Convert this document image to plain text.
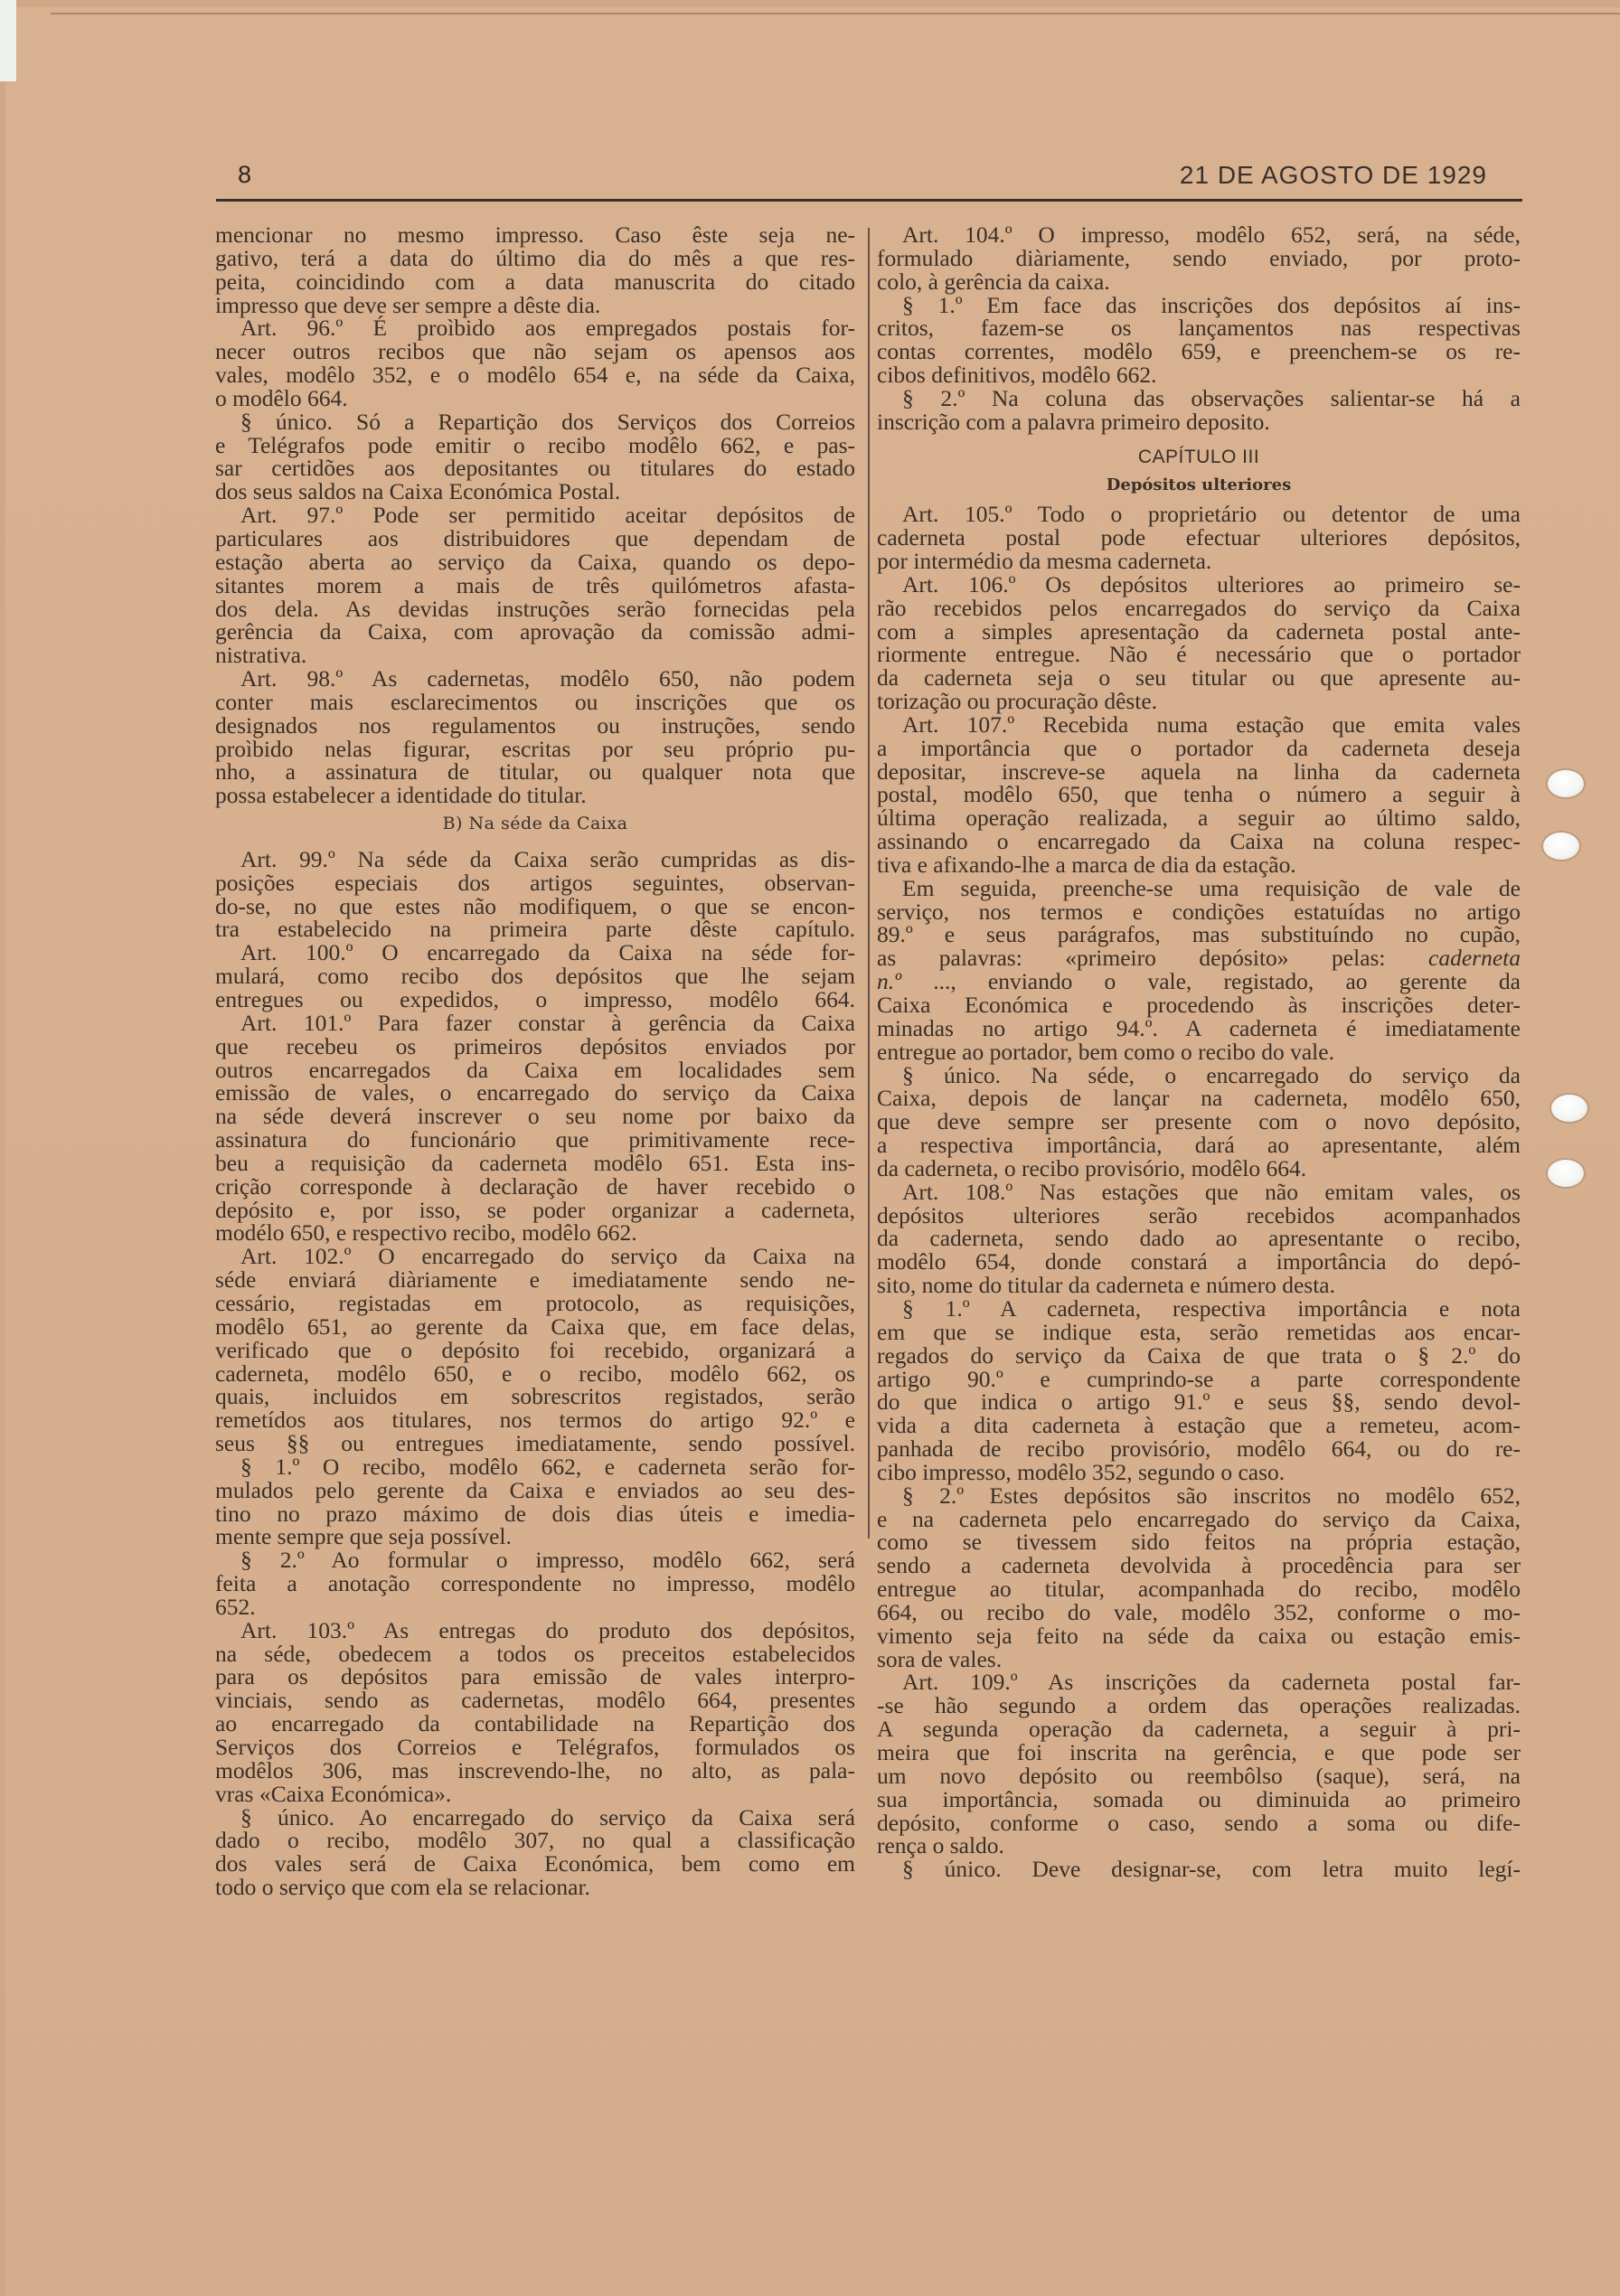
8	21 DE AGOSTO DE 1929
mencionar no mesmo impresso. Caso êste seja ne-
gativo, terá a data do último dia do mês a que res-
peita, coincidindo com a data manuscrita do citado
impresso que deve ser sempre a dêste dia.
Art. 96.º É proìbido aos empregados postais for-
necer outros recibos que não sejam os apensos aos
vales, modêlo 352, e o modêlo 654 e, na séde da Caixa,
o modêlo 664.
§ único. Só a Repartição dos Serviços dos Correios
e Telégrafos pode emitir o recibo modêlo 662, e pas-
sar certidões aos depositantes ou titulares do estado
dos seus saldos na Caixa Económica Postal.
Art. 97.º Pode ser permitido aceitar depósitos de
particulares aos distribuidores que dependam de
estação aberta ao serviço da Caixa, quando os depo-
sitantes morem a mais de três quilómetros afasta-
dos dela. As devidas instruções serão fornecidas pela
gerência da Caixa, com aprovação da comissão admi-
nistrativa.
Art. 98.º As cadernetas, modêlo 650, não podem
conter mais esclarecimentos ou inscrições que os
designados nos regulamentos ou instruções, sendo
proìbido nelas figurar, escritas por seu próprio pu-
nho, a assinatura de titular, ou qualquer nota que
possa estabelecer a identidade do titular.
B) Na séde da Caixa
Art. 99.º Na séde da Caixa serão cumpridas as dis-
posições especiais dos artigos seguintes, observan-
do-se, no que estes não modifiquem, o que se encon-
tra estabelecido na primeira parte dêste capítulo.
Art. 100.º O encarregado da Caixa na séde for-
mulará, como recibo dos depósitos que lhe sejam
entregues ou expedidos, o impresso, modêlo 664.
Art. 101.º Para fazer constar à gerência da Caixa
que recebeu os primeiros depósitos enviados por
outros encarregados da Caixa em localidades sem
emissão de vales, o encarregado do serviço da Caixa
na séde deverá inscrever o seu nome por baixo da
assinatura do funcionário que primitivamente rece-
beu a requisição da caderneta modêlo 651. Esta ins-
crição corresponde à declaração de haver recebido o
depósito e, por isso, se poder organizar a caderneta,
modélo 650, e respectivo recibo, modêlo 662.
Art. 102.º O encarregado do serviço da Caixa na
séde enviará diàriamente e imediatamente sendo ne-
cessário, registadas em protocolo, as requisições,
modêlo 651, ao gerente da Caixa que, em face delas,
verificado que o depósito foi recebido, organizará a
caderneta, modêlo 650, e o recibo, modêlo 662, os
quais, incluidos em sobrescritos registados, serão
remetídos aos titulares, nos termos do artigo 92.º e
seus §§ ou entregues imediatamente, sendo possível.
§ 1.º O recibo, modêlo 662, e caderneta serão for-
mulados pelo gerente da Caixa e enviados ao seu des-
tino no prazo máximo de dois dias úteis e imedia-
mente sempre que seja possível.
§ 2.º Ao formular o impresso, modêlo 662, será
feita a anotação correspondente no impresso, modêlo
652.
Art. 103.º As entregas do produto dos depósitos,
na séde, obedecem a todos os preceitos estabelecidos
para os depósitos para emissão de vales interpro-
vinciais, sendo as cadernetas, modêlo 664, presentes
ao encarregado da contabilidade na Repartição dos
Serviços dos Correios e Telégrafos, formulados os
modêlos 306, mas inscrevendo-lhe, no alto, as pala-
vras «Caixa Económica».
§ único. Ao encarregado do serviço da Caixa será
dado o recibo, modêlo 307, no qual a classificação
dos vales será de Caixa Económica, bem como em
todo o serviço que com ela se relacionar.
Art. 104.º O impresso, modêlo 652, será, na séde,
formulado diàriamente, sendo enviado, por proto-
colo, à gerência da caixa.
§ 1.º Em face das inscrições dos depósitos aí ins-
critos, fazem-se os lançamentos nas respectivas
contas correntes, modêlo 659, e preenchem-se os re-
cibos definitivos, modêlo 662.
§ 2.º Na coluna das observações salientar-se há a
inscrição com a palavra primeiro deposito.
CAPÍTULO III
Depósitos ulteriores
Art. 105.º Todo o proprietário ou detentor de uma
caderneta postal pode efectuar ulteriores depósitos,
por intermédio da mesma caderneta.
Art. 106.º Os depósitos ulteriores ao primeiro se-
rão recebidos pelos encarregados do serviço da Caixa
com a simples apresentação da caderneta postal ante-
riormente entregue. Não é necessário que o portador
da caderneta seja o seu titular ou que apresente au-
torização ou procuração dêste.
Art. 107.º Recebida numa estação que emita vales
a importância que o portador da caderneta deseja
depositar, inscreve-se aquela na linha da caderneta
postal, modêlo 650, que tenha o número a seguir à
última operação realizada, a seguir ao último saldo,
assinando o encarregado da Caixa na coluna respec-
tiva e afixando-lhe a marca de dia da estação.
Em seguida, preenche-se uma requisição de vale de
serviço, nos termos e condições estatuídas no artigo
89.º e seus parágrafos, mas substituíndo no cupão,
as palavras: «primeiro depósito» pelas: caderneta
n.º ..., enviando o vale, registado, ao gerente da
Caixa Económica e procedendo às inscrições deter-
minadas no artigo 94.º. A caderneta é imediatamente
entregue ao portador, bem como o recibo do vale.
§ único. Na séde, o encarregado do serviço da
Caixa, depois de lançar na caderneta, modêlo 650,
que deve sempre ser presente com o novo depósito,
a respectiva importância, dará ao apresentante, além
da caderneta, o recibo provisório, modêlo 664.
Art. 108.º Nas estações que não emitam vales, os
depósitos ulteriores serão recebidos acompanhados
da caderneta, sendo dado ao apresentante o recibo,
modêlo 654, donde constará a importância do depó-
sito, nome do titular da caderneta e número desta.
§ 1.º A caderneta, respectiva importância e nota
em que se indique esta, serão remetidas aos encar-
regados do serviço da Caixa de que trata o § 2.º do
artigo 90.º e cumprindo-se a parte correspondente
do que indica o artigo 91.º e seus §§, sendo devol-
vida a dita caderneta à estação que a remeteu, acom-
panhada de recibo provisório, modêlo 664, ou do re-
cibo impresso, modêlo 352, segundo o caso.
§ 2.º Estes depósitos são inscritos no modêlo 652,
e na caderneta pelo encarregado do serviço da Caixa,
como se tivessem sido feitos na própria estação,
sendo a caderneta devolvida à procedência para ser
entregue ao titular, acompanhada do recibo, modêlo
664, ou recibo do vale, modêlo 352, conforme o mo-
vimento seja feito na séde da caixa ou estação emis-
sora de vales.
Art. 109.º As inscrições da caderneta postal far-
-se hão segundo a ordem das operações realizadas.
A segunda operação da caderneta, a seguir à pri-
meira que foi inscrita na gerência, e que pode ser
um novo depósito ou reembôlso (saque), será, na
sua importância, somada ou diminuida ao primeiro
depósito, conforme o caso, sendo a soma ou dife-
rença o saldo.
§ único. Deve designar-se, com letra muito legí-
